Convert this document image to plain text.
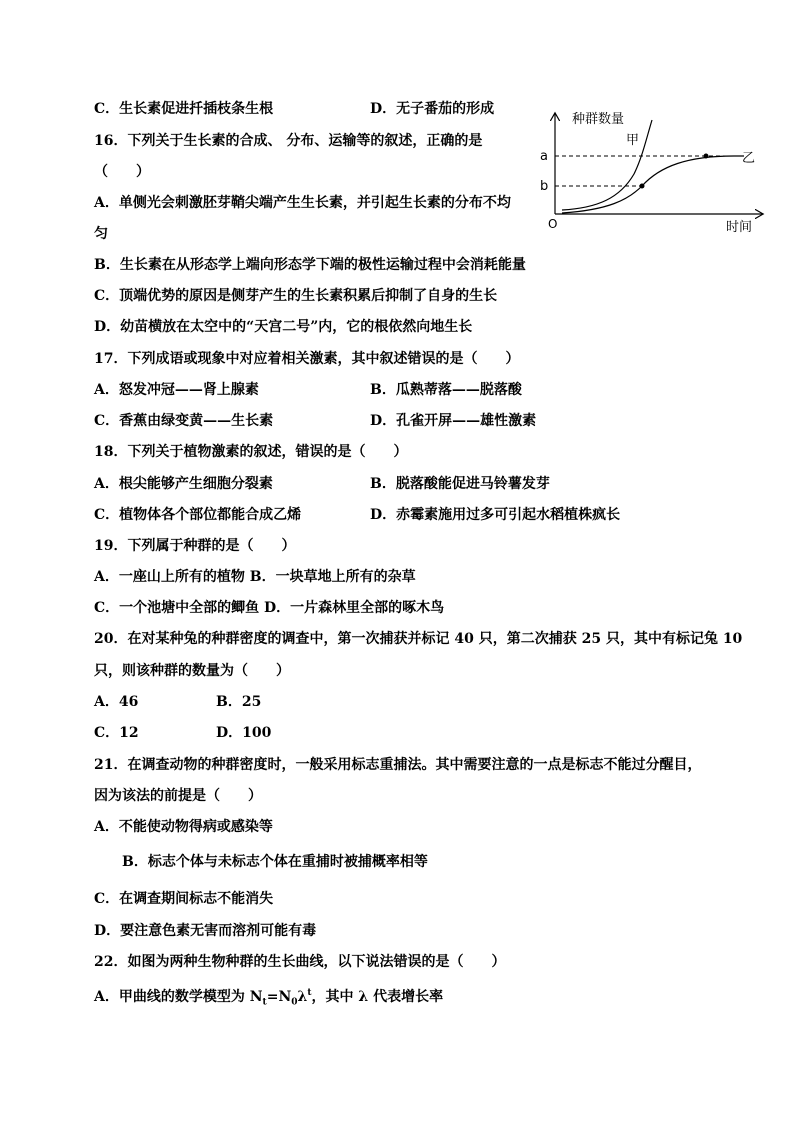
C．生长素促进扦插枝条生根	D．无子番茄的形成
16．下列关于生长素的合成、 分布、运输等的叙述，正确的是
（　　）
A．单侧光会刺激胚芽鞘尖端产生生长素，并引起生长素的分布不均
匀
B．生长素在从形态学上端向形态学下端的极性运输过程中会消耗能量
C．顶端优势的原因是侧芽产生的生长素积累后抑制了自身的生长
D．幼苗横放在太空中的“天宫二号”内，它的根依然向地生长
17．下列成语或现象中对应着相关激素，其中叙述错误的是（　　）
A．怒发冲冠——肾上腺素	B．瓜熟蒂落——脱落酸
C．香蕉由绿变黄——生长素	D．孔雀开屏——雄性激素
18．下列关于植物激素的叙述，错误的是（　　）
A．根尖能够产生细胞分裂素	B．脱落酸能促进马铃薯发芽
C．植物体各个部位都能合成乙烯	D．赤霉素施用过多可引起水稻植株疯长
19．下列属于种群的是（　　）
A．一座山上所有的植物 B．一块草地上所有的杂草
C．一个池塘中全部的鲫鱼 D．一片森林里全部的啄木鸟
20．在对某种兔的种群密度的调查中，第一次捕获并标记 40 只，第二次捕获 25 只，其中有标记兔 10
只，则该种群的数量为（　　）
A．46	B．25
C．12	D．100
21．在调查动物的种群密度时，一般采用标志重捕法。其中需要注意的一点是标志不能过分醒目，
因为该法的前提是（　　）
A．不能使动物得病或感染等
B．标志个体与未标志个体在重捕时被捕概率相等
C．在调查期间标志不能消失
D．要注意色素无害而溶剂可能有毒
22．如图为两种生物种群的生长曲线，以下说法错误的是（　　）
A．甲曲线的数学模型为 $N_t=N_0\lambda^t$，其中 λ 代表增长率
种群数量
甲
乙
a
b
O	时间
